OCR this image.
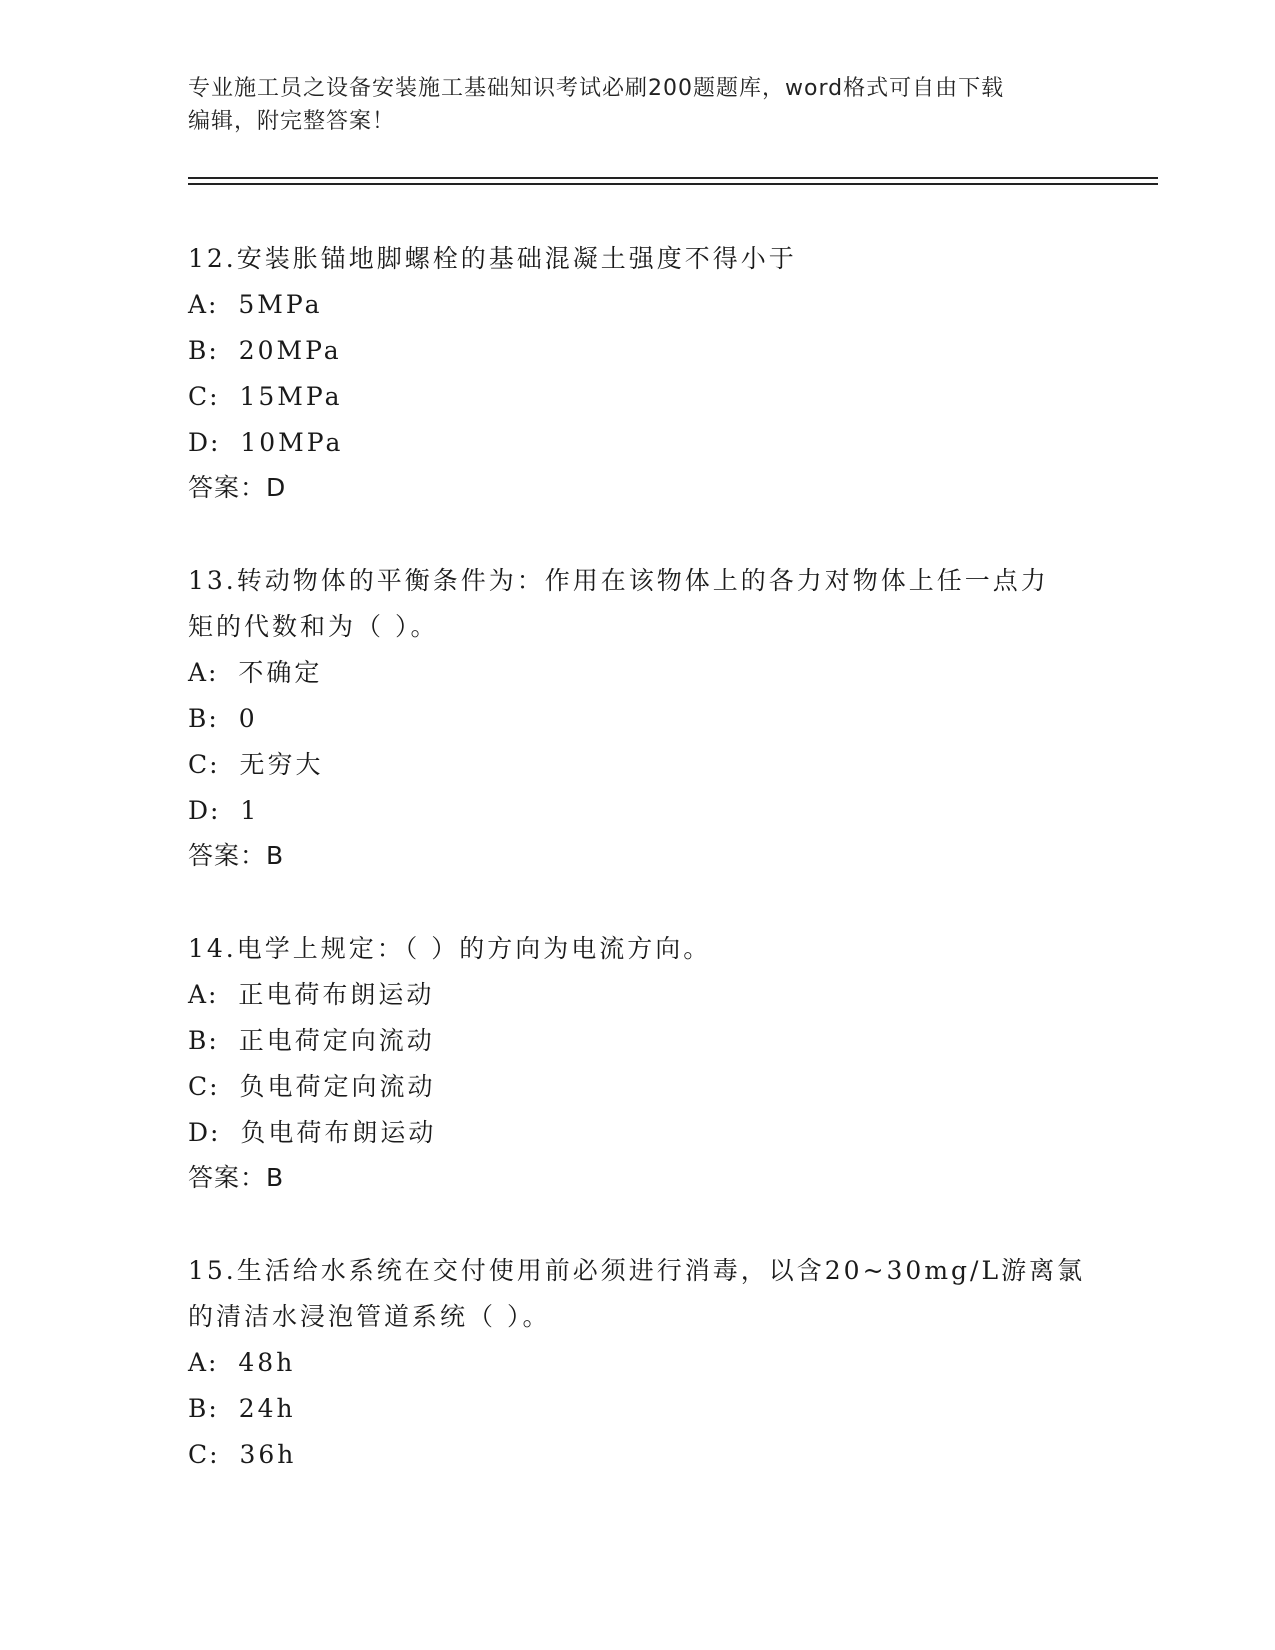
专业施工员之设备安装施工基础知识考试必刷200题题库，word格式可自由下载
编辑，附完整答案！
12.安装胀锚地脚螺栓的基础混凝土强度不得小于
A: 5MPa
B: 20MPa
C: 15MPa
D: 10MPa
答案：D
13.转动物体的平衡条件为：作用在该物体上的各力对物体上任一点力
矩的代数和为（ ）。
A: 不确定
B: 0
C: 无穷大
D: 1
答案：B
14.电学上规定：（ ）的方向为电流方向。
A: 正电荷布朗运动
B: 正电荷定向流动
C: 负电荷定向流动
D: 负电荷布朗运动
答案：B
15.生活给水系统在交付使用前必须进行消毒，以含20~30mg/L游离氯
的清洁水浸泡管道系统（ ）。
A: 48h
B: 24h
C: 36h
